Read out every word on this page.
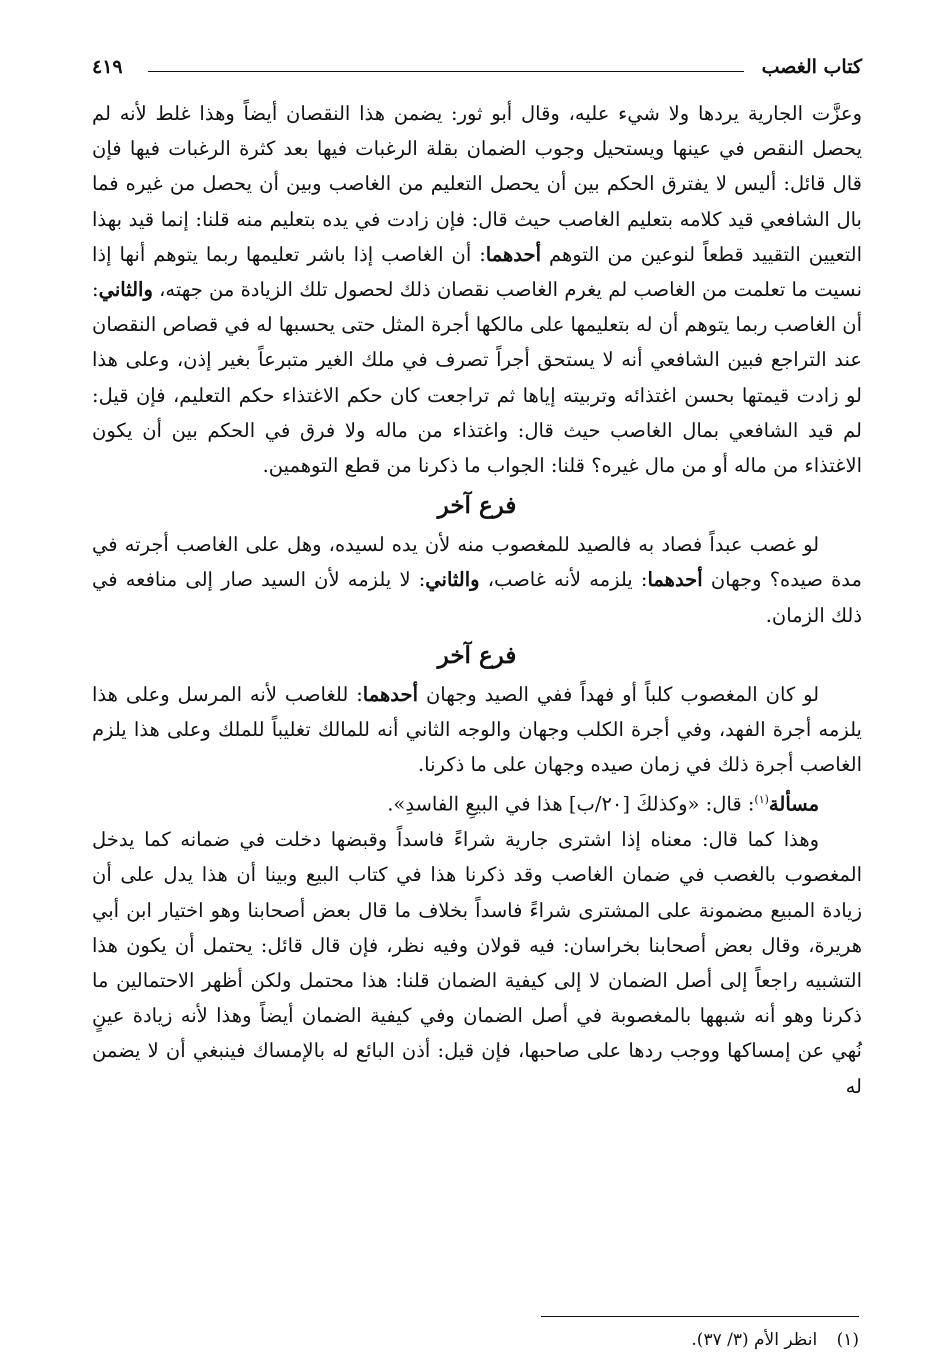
كتاب الغصب
٤١٩

وعزَّت الجارية يردها ولا شيء عليه، وقال أبو ثور: يضمن هذا النقصان أيضاً وهذا غلط لأنه لم يحصل النقص في عينها ويستحيل وجوب الضمان بقلة الرغبات فيها بعد كثرة الرغبات فيها فإن قال قائل: أليس لا يفترق الحكم بين أن يحصل التعليم من الغاصب وبين أن يحصل من غيره فما بال الشافعي قيد كلامه بتعليم الغاصب حيث قال: فإن زادت في يده بتعليم منه قلنا: إنما قيد بهذا التعيين التقييد قطعاً لنوعين من التوهم أحدهما: أن الغاصب إذا باشر تعليمها ربما يتوهم أنها إذا نسيت ما تعلمت من الغاصب لم يغرم الغاصب نقصان ذلك لحصول تلك الزيادة من جهته، والثاني: أن الغاصب ربما يتوهم أن له بتعليمها على مالكها أجرة المثل حتى يحسبها له في قصاص النقصان عند التراجع فبين الشافعي أنه لا يستحق أجراً تصرف في ملك الغير متبرعاً بغير إذن، وعلى هذا لو زادت قيمتها بحسن اغتذائه وتربيته إياها ثم تراجعت كان حكم الاغتذاء حكم التعليم، فإن قيل: لم قيد الشافعي بمال الغاصب حيث قال: واغتذاء من ماله ولا فرق في الحكم بين أن يكون الاغتذاء من ماله أو من مال غيره؟ قلنا: الجواب ما ذكرنا من قطع التوهمين.

فرع آخر

لو غصب عبداً فصاد به فالصيد للمغصوب منه لأن يده لسيده، وهل على الغاصب أجرته في مدة صيده؟ وجهان أحدهما: يلزمه لأنه غاصب، والثاني: لا يلزمه لأن السيد صار إلى منافعه في ذلك الزمان.

فرع آخر

لو كان المغصوب كلباً أو فهداً ففي الصيد وجهان أحدهما: للغاصب لأنه المرسل وعلى هذا يلزمه أجرة الفهد، وفي أجرة الكلب وجهان والوجه الثاني أنه للمالك تغليباً للملك وعلى هذا يلزم الغاصب أجرة ذلك في زمان صيده وجهان على ما ذكرنا.

مسألة$^{(١)}$: قال: «وكذلكَ [٢٠/ب] هذا في البيعِ الفاسدِ».

وهذا كما قال: معناه إذا اشترى جارية شراءً فاسداً وقبضها دخلت في ضمانه كما يدخل المغصوب بالغصب في ضمان الغاصب وقد ذكرنا هذا في كتاب البيع وبينا أن هذا يدل على أن زيادة المبيع مضمونة على المشترى شراءً فاسداً بخلاف ما قال بعض أصحابنا وهو اختيار ابن أبي هريرة، وقال بعض أصحابنا بخراسان: فيه قولان وفيه نظر، فإن قال قائل: يحتمل أن يكون هذا التشبيه راجعاً إلى أصل الضمان لا إلى كيفية الضمان قلنا: هذا محتمل ولكن أظهر الاحتمالين ما ذكرنا وهو أنه شبهها بالمغصوبة في أصل الضمان وفي كيفية الضمان أيضاً وهذا لأنه زيادة عينٍ نُهي عن إمساكها ووجب ردها على صاحبها، فإن قيل: أذن البائع له بالإمساك فينبغي أن لا يضمن له

(١) انظر الأم (٣/ ٣٧).
